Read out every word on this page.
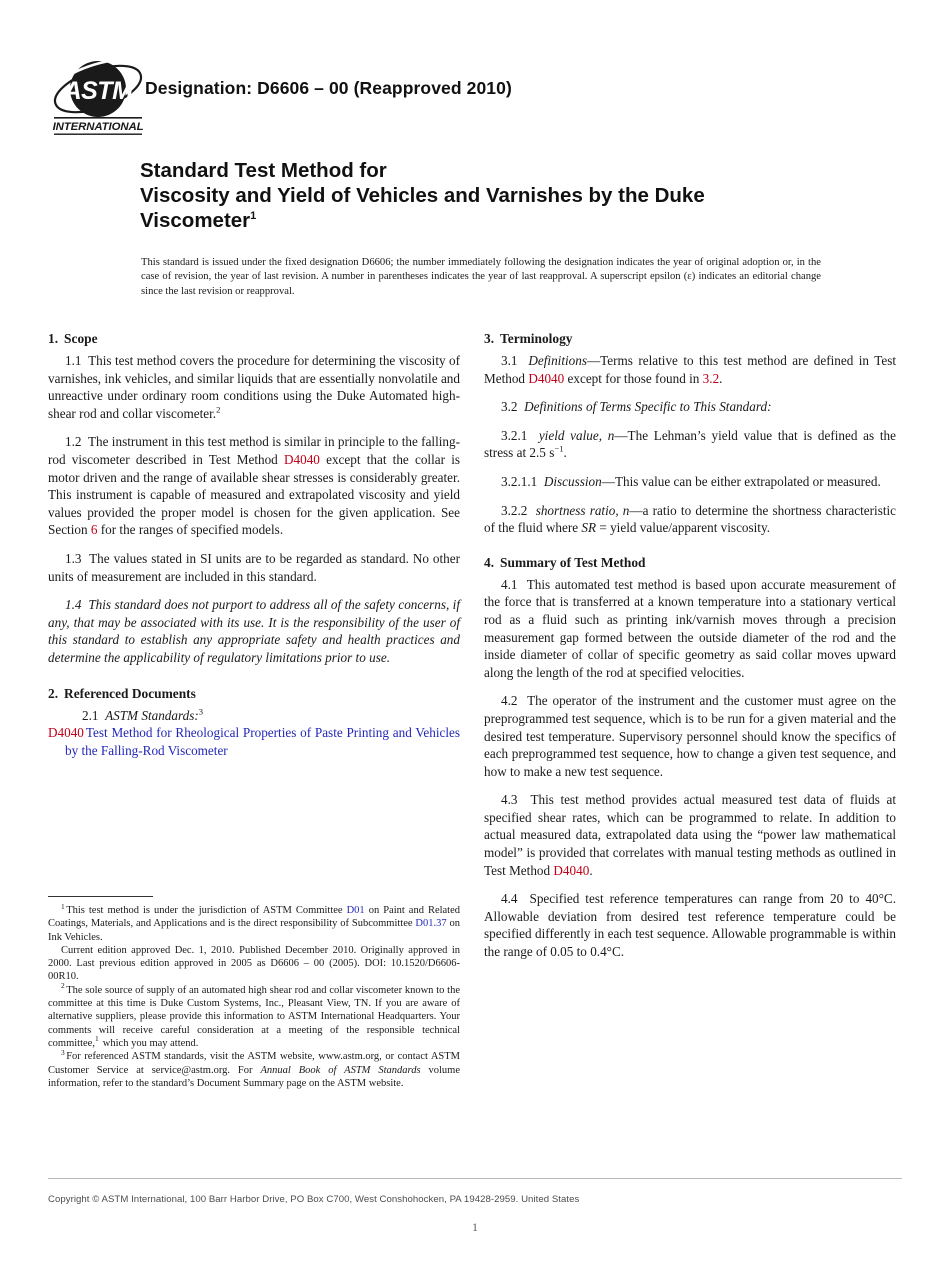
ASTM
INTERNATIONAL
Designation: D6606 – 00 (Reapproved 2010)
Standard Test Method for
Viscosity and Yield of Vehicles and Varnishes by the Duke
Viscometer$^1$
This standard is issued under the fixed designation D6606; the number immediately following the designation indicates the year of original adoption or, in the case of revision, the year of last revision. A number in parentheses indicates the year of last reapproval. A superscript epsilon (ε) indicates an editorial change since the last revision or reapproval.
1. Scope

1.1 This test method covers the procedure for determining the viscosity of varnishes, ink vehicles, and similar liquids that are essentially nonvolatile and unreactive under ordinary room conditions using the Duke Automated high-shear rod and collar viscometer.$^2$

1.2 The instrument in this test method is similar in principle to the falling-rod viscometer described in Test Method D4040 except that the collar is motor driven and the range of available shear stresses is considerably greater. This instrument is capable of measured and extrapolated viscosity and yield values provided the proper model is chosen for the given application. See Section 6 for the ranges of specified models.

1.3 The values stated in SI units are to be regarded as standard. No other units of measurement are included in this standard.

1.4 This standard does not purport to address all of the safety concerns, if any, that may be associated with its use. It is the responsibility of the user of this standard to establish any appropriate safety and health practices and determine the applicability of regulatory limitations prior to use.

2. Referenced Documents

2.1 ASTM Standards:$^3$

D4040 Test Method for Rheological Properties of Paste Printing and Vehicles by the Falling-Rod Viscometer

3. Terminology

3.1 Definitions—Terms relative to this test method are defined in Test Method D4040 except for those found in 3.2.

3.2 Definitions of Terms Specific to This Standard:

3.2.1 yield value, n—The Lehman’s yield value that is defined as the stress at 2.5 s$^{-1}$.

3.2.1.1 Discussion—This value can be either extrapolated or measured.

3.2.2 shortness ratio, n—a ratio to determine the shortness characteristic of the fluid where SR = yield value/apparent viscosity.

4. Summary of Test Method

4.1 This automated test method is based upon accurate measurement of the force that is transferred at a known temperature into a stationary vertical rod as a fluid such as printing ink/varnish moves through a precision measurement gap formed between the outside diameter of the rod and the inside diameter of collar of specific geometry as said collar moves upward along the length of the rod at specified velocities.

4.2 The operator of the instrument and the customer must agree on the preprogrammed test sequence, which is to be run for a given material and the desired test temperature. Supervisory personnel should know the specifics of each preprogrammed test sequence, how to change a given test sequence, and how to make a new test sequence.

4.3 This test method provides actual measured test data of fluids at specified shear rates, which can be programmed to relate. In addition to actual measured data, extrapolated data using the “power law mathematical model” is provided that correlates with manual testing methods as outlined in Test Method D4040.

4.4 Specified test reference temperatures can range from 20 to 40°C. Allowable deviation from desired test reference temperature could be specified differently in each test sequence. Allowable programmable is within the range of 0.05 to 0.4°C.

$^1$ This test method is under the jurisdiction of ASTM Committee D01 on Paint and Related Coatings, Materials, and Applications and is the direct responsibility of Subcommittee D01.37 on Ink Vehicles.

Current edition approved Dec. 1, 2010. Published December 2010. Originally approved in 2000. Last previous edition approved in 2005 as D6606 – 00 (2005). DOI: 10.1520/D6606-00R10.

$^2$ The sole source of supply of an automated high shear rod and collar viscometer known to the committee at this time is Duke Custom Systems, Inc., Pleasant View, TN. If you are aware of alternative suppliers, please provide this information to ASTM International Headquarters. Your comments will receive careful consideration at a meeting of the responsible technical committee,$^1$ which you may attend.

$^3$ For referenced ASTM standards, visit the ASTM website, www.astm.org, or contact ASTM Customer Service at service@astm.org. For Annual Book of ASTM Standards volume information, refer to the standard’s Document Summary page on the ASTM website.

Copyright © ASTM International, 100 Barr Harbor Drive, PO Box C700, West Conshohocken, PA 19428-2959. United States
1
